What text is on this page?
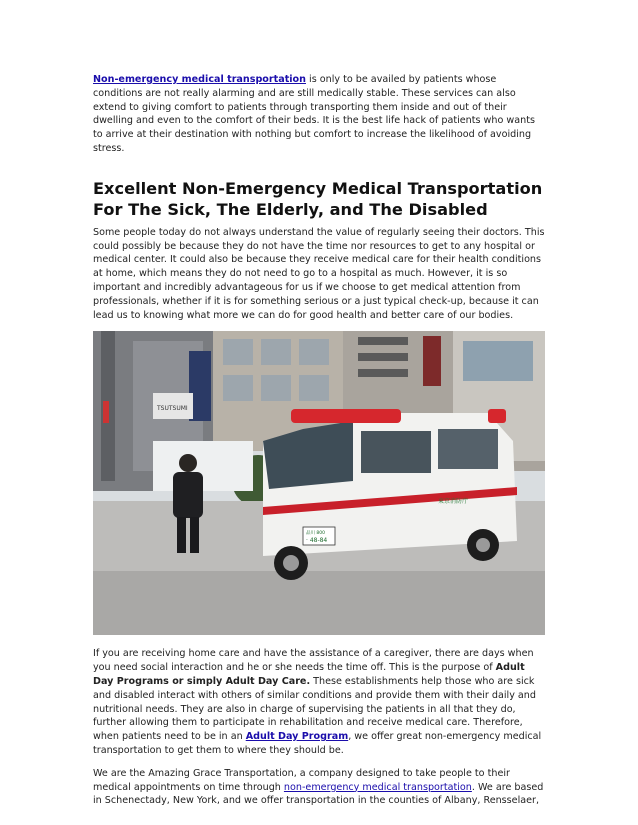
Non-emergency medical transportation is only to be availed by patients whose conditions are not really alarming and are still medically stable. These services can also extend to giving comfort to patients through transporting them inside and out of their dwelling and even to the comfort of their beds. It is the best life hack of patients who wants to arrive at their destination with nothing but comfort to increase the likelihood of avoiding stress.

Excellent Non-Emergency Medical Transportation For The Sick, The Elderly, and The Disabled

Some people today do not always understand the value of regularly seeing their doctors. This could possibly be because they do not have the time nor resources to get to any hospital or medical center. It could also be because they receive medical care for their health conditions at home, which means they do not need to go to a hospital as much. However, it is so important and incredibly advantageous for us if we choose to get medical attention from professionals, whether if it is for something serious or a just typical check-up, because it can lead us to knowing what more we can do for good health and better care of our bodies.

TSUTSUMI
東京消防庁
品川 800
· 48-84

If you are receiving home care and have the assistance of a caregiver, there are days when you need social interaction and he or she needs the time off. This is the purpose of Adult Day Programs or simply Adult Day Care. These establishments help those who are sick and disabled interact with others of similar conditions and provide them with their daily and nutritional needs. They are also in charge of supervising the patients in all that they do, further allowing them to participate in rehabilitation and receive medical care. Therefore, when patients need to be in an Adult Day Program, we offer great non-emergency medical transportation to get them to where they should be.

We are the Amazing Grace Transportation, a company designed to take people to their medical appointments on time through non-emergency medical transportation. We are based in Schenectady, New York, and we offer transportation in the counties of Albany, Rensselaer,
